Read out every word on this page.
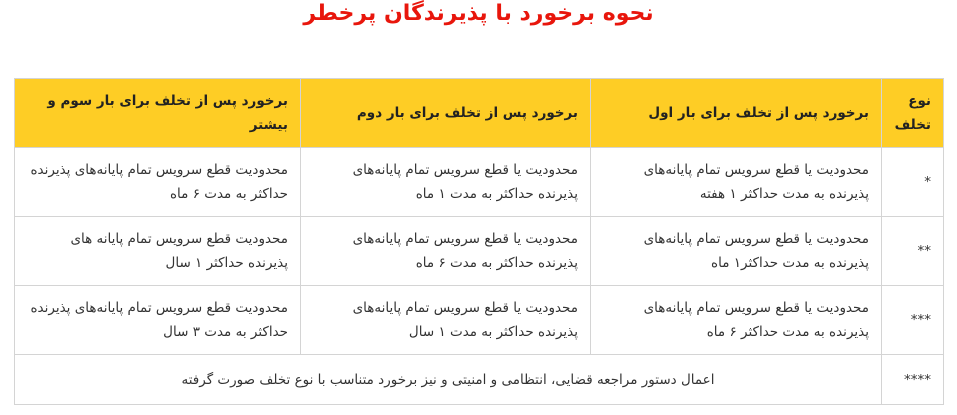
نحوه برخورد با پذیرندگان پرخطر
نوع تخلف	برخورد پس از تخلف برای بار اول	برخورد پس از تخلف برای بار دوم	برخورد پس از تخلف برای بار سوم و بیشتر
*	محدودیت یا قطع سرویس تمام پایانه‌های پذیرنده به مدت حداکثر ۱ هفته	محدودیت یا قطع سرویس تمام پایانه‌های پذیرنده حداکثر به مدت ۱ ماه	محدودیت قطع سرویس تمام پایانه‌های پذیرنده حداکثر به مدت ۶ ماه
**	محدودیت یا قطع سرویس تمام پایانه‌های پذیرنده به مدت حداکثر۱ ماه	محدودیت یا قطع سرویس تمام پایانه‌های پذیرنده حداکثر به مدت ۶ ماه	محدودیت قطع سرویس تمام پایانه های پذیرنده حداکثر ۱ سال
***	محدودیت یا قطع سرویس تمام پایانه‌های پذیرنده به مدت حداکثر ۶ ماه	محدودیت یا قطع سرویس تمام پایانه‌های پذیرنده حداکثر به مدت ۱ سال	محدودیت قطع سرویس تمام پایانه‌های پذیرنده حداکثر به مدت ۳ سال
****	اعمال دستور مراجعه قضایی، انتظامی و امنیتی و نیز برخورد متناسب با نوع تخلف صورت گرفته		
